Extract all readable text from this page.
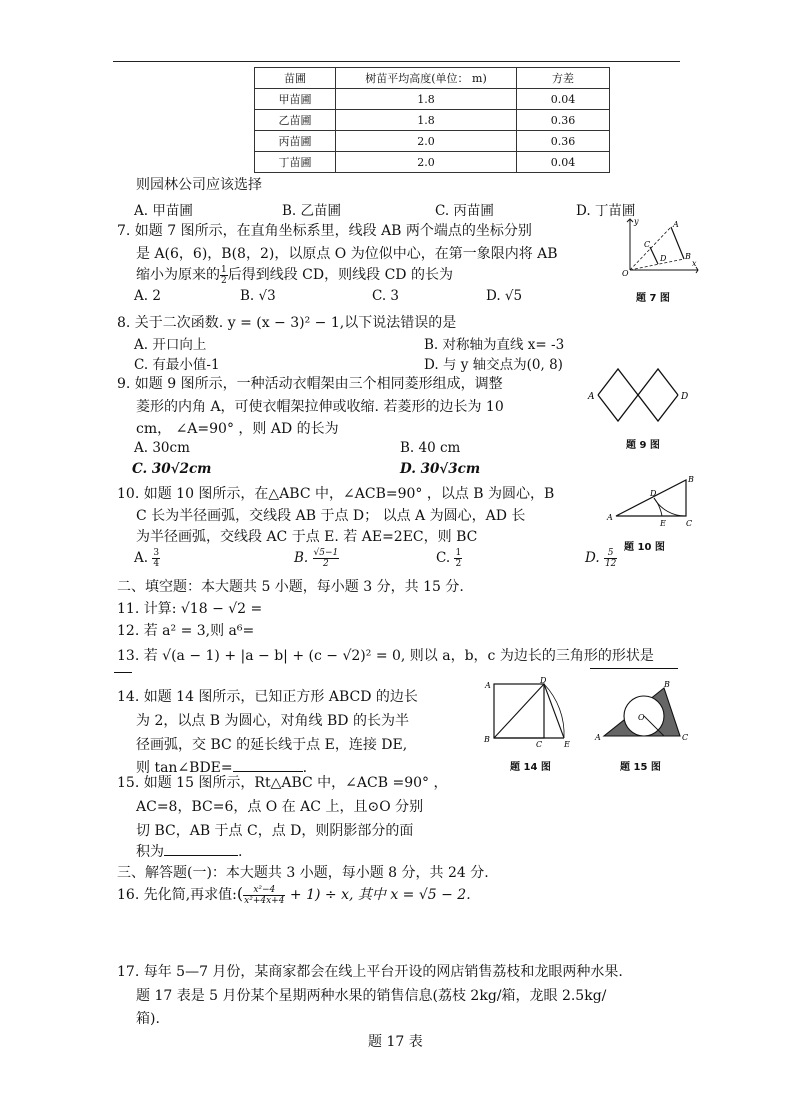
苗圃	树苗平均高度(单位： m)	方差
甲苗圃	1.8	0.04
乙苗圃	1.8	0.36
丙苗圃	2.0	0.36
丁苗圃	2.0	0.04
则园林公司应该选择
A. 甲苗圃	B. 乙苗圃	C. 丙苗圃	D. 丁苗圃
7. 如题 7 图所示，在直角坐标系里，线段 AB 两个端点的坐标分别
是 A(6，6)，B(8，2)，以原点 O 为位似中心，在第一象限内将 AB
缩小为原来的 $\frac{1}{2}$ 后得到线段 CD，则线段 CD 的长为
A. 2	B. √3	C. 3	D. √5
y	A
C
D B
O
x
题 7 图
8. 关于二次函数. y = (x − 3)² − 1,以下说法错误的是
A. 开口向上	B. 对称轴为直线 x= -3
C. 有最小值-1	D. 与 y 轴交点为(0, 8)
9. 如题 9 图所示，一种活动衣帽架由三个相同菱形组成，调整
菱形的内角 A，可使衣帽架拉伸或收缩. 若菱形的边长为 10
cm， ∠A=90° ，则 AD 的长为
A. 30cm	B. 40 cm
C. 30√2cm	D. 30√3cm
A	D
题 9 图
10. 如题 10 图所示，在△ABC 中，∠ACB=90° ，以点 B 为圆心，B
C 长为半径画弧，交线段 AB 于点 D； 以点 A 为圆心，AD 长
为半径画弧，交线段 AC 于点 E. 若 AE=2EC，则 BC
A. $\frac{3}{4}$	B. $\frac{√5-1}{2}$	C. $\frac{1}{2}$	D. $\frac{5}{12}$
B
D
A
E	C
题 10 图
二、填空题：本大题共 5 小题，每小题 3 分，共 15 分.
11. 计算: √18 − √2 =
12. 若 a² = 3,则 a⁶=
13. 若 √(a − 1) + |a − b| + (c − √2)² = 0, 则以 a，b，c 为边长的三角形的形状是
14. 如题 14 图所示，已知正方形 ABCD 的边长
为 2，以点 B 为圆心，对角线 BD 的长为半
径画弧，交 BC 的延长线于点 E，连接 DE,
则 tan∠BDE=	.
A
D
B
C	E
题 14 图
B
O
A	C
题 15 图
15. 如题 15 图所示，Rt△ABC 中，∠ACB =90° ，
AC=8，BC=6，点 O 在 AC 上，且⊙O 分别
切 BC，AB 于点 C，点 D，则阴影部分的面
积为	.
三、解答题(一)：本大题共 3 小题，每小题 8 分，共 24 分.
16. 先化简,再求值:( $\frac{\text{x²−4}}{\text{x²+4x+4}} + 1) \div x$, 其中 x = √5 − 2.
17. 每年 5—7 月份，某商家都会在线上平台开设的网店销售荔枝和龙眼两种水果.
题 17 表是 5 月份某个星期两种水果的销售信息(荔枝 2kg/箱，龙眼 2.5kg/
箱).
题 17 表
